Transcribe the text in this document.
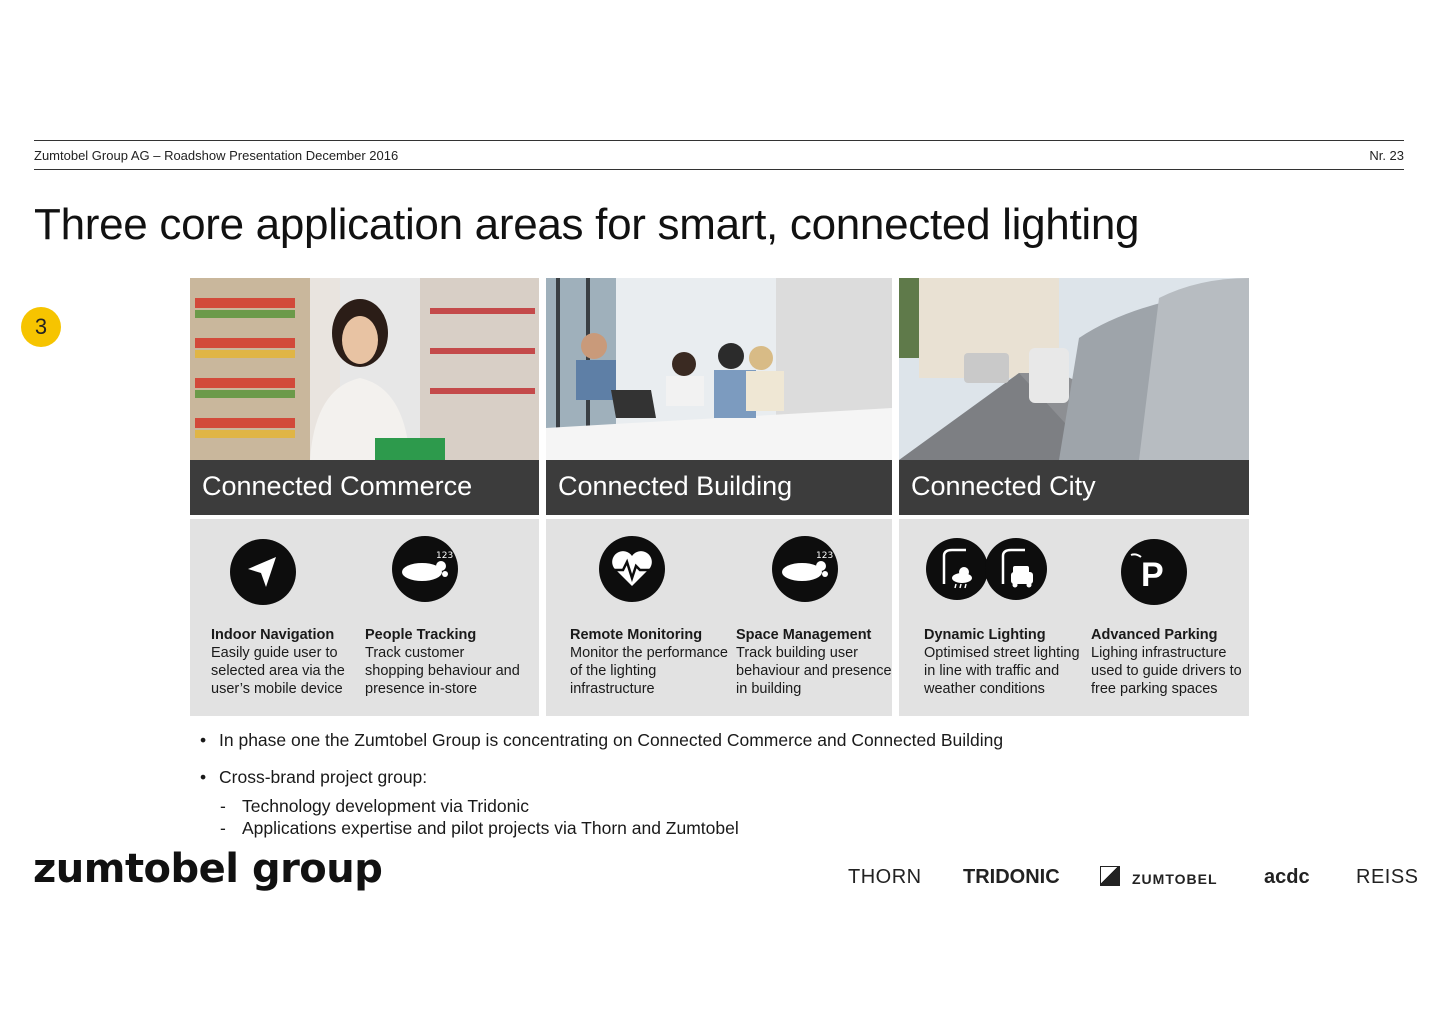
Zumtobel Group AG – Roadshow Presentation December 2016	Nr. 23
Three core application areas for smart, connected lighting
3
Connected Commerce
123
Indoor Navigation
Easily guide user to selected area via the user’s mobile device
People Tracking
Track customer shopping behaviour and presence in-store
Connected Building
123
Remote Monitoring
Monitor the performance of the lighting infrastructure
Space Management
Track building user behaviour and presence in building
Connected City
P
Dynamic Lighting
Optimised street lighting in line with traffic and weather conditions
Advanced Parking
Lighing infrastructure used to guide drivers to free parking spaces
• In phase one the Zumtobel Group is concentrating on Connected Commerce and Connected Building
• Cross-brand project group:
- Technology development via Tridonic
- Applications expertise and pilot projects via Thorn and Zumtobel
zumtobel group	THORN TRIDONIC	ZUMTOBEL acdc REISS
